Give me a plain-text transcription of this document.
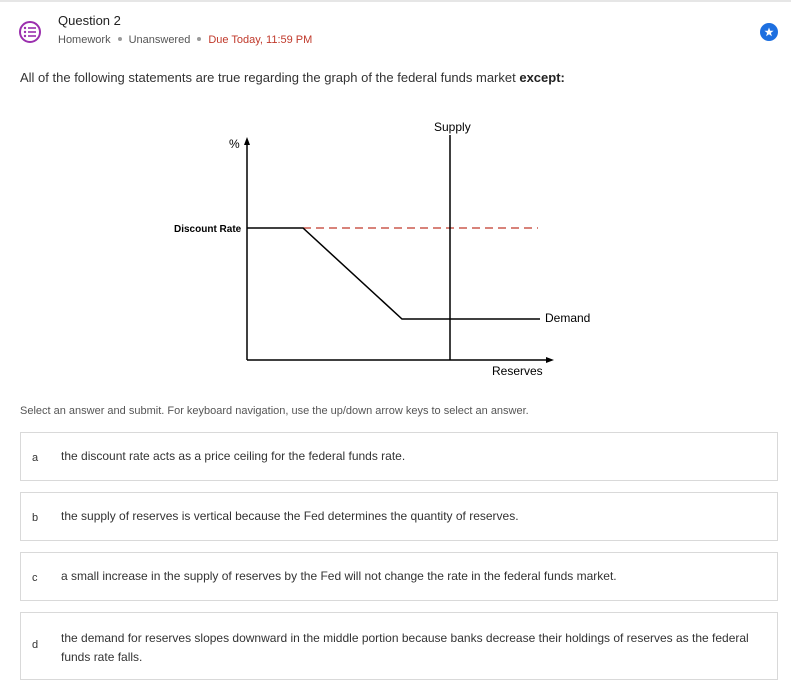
Question 2
Homework Unanswered Due Today, 11:59 PM
All of the following statements are true regarding the graph of the federal funds market except:
%
Reserves
Discount Rate
Demand
Supply
Select an answer and submit. For keyboard navigation, use the up/down arrow keys to select an answer.
a the discount rate acts as a price ceiling for the federal funds rate.
b the supply of reserves is vertical because the Fed determines the quantity of reserves.
c a small increase in the supply of reserves by the Fed will not change the rate in the federal funds market.
d the demand for reserves slopes downward in the middle portion because banks decrease their holdings of reserves as the federal funds rate falls.
